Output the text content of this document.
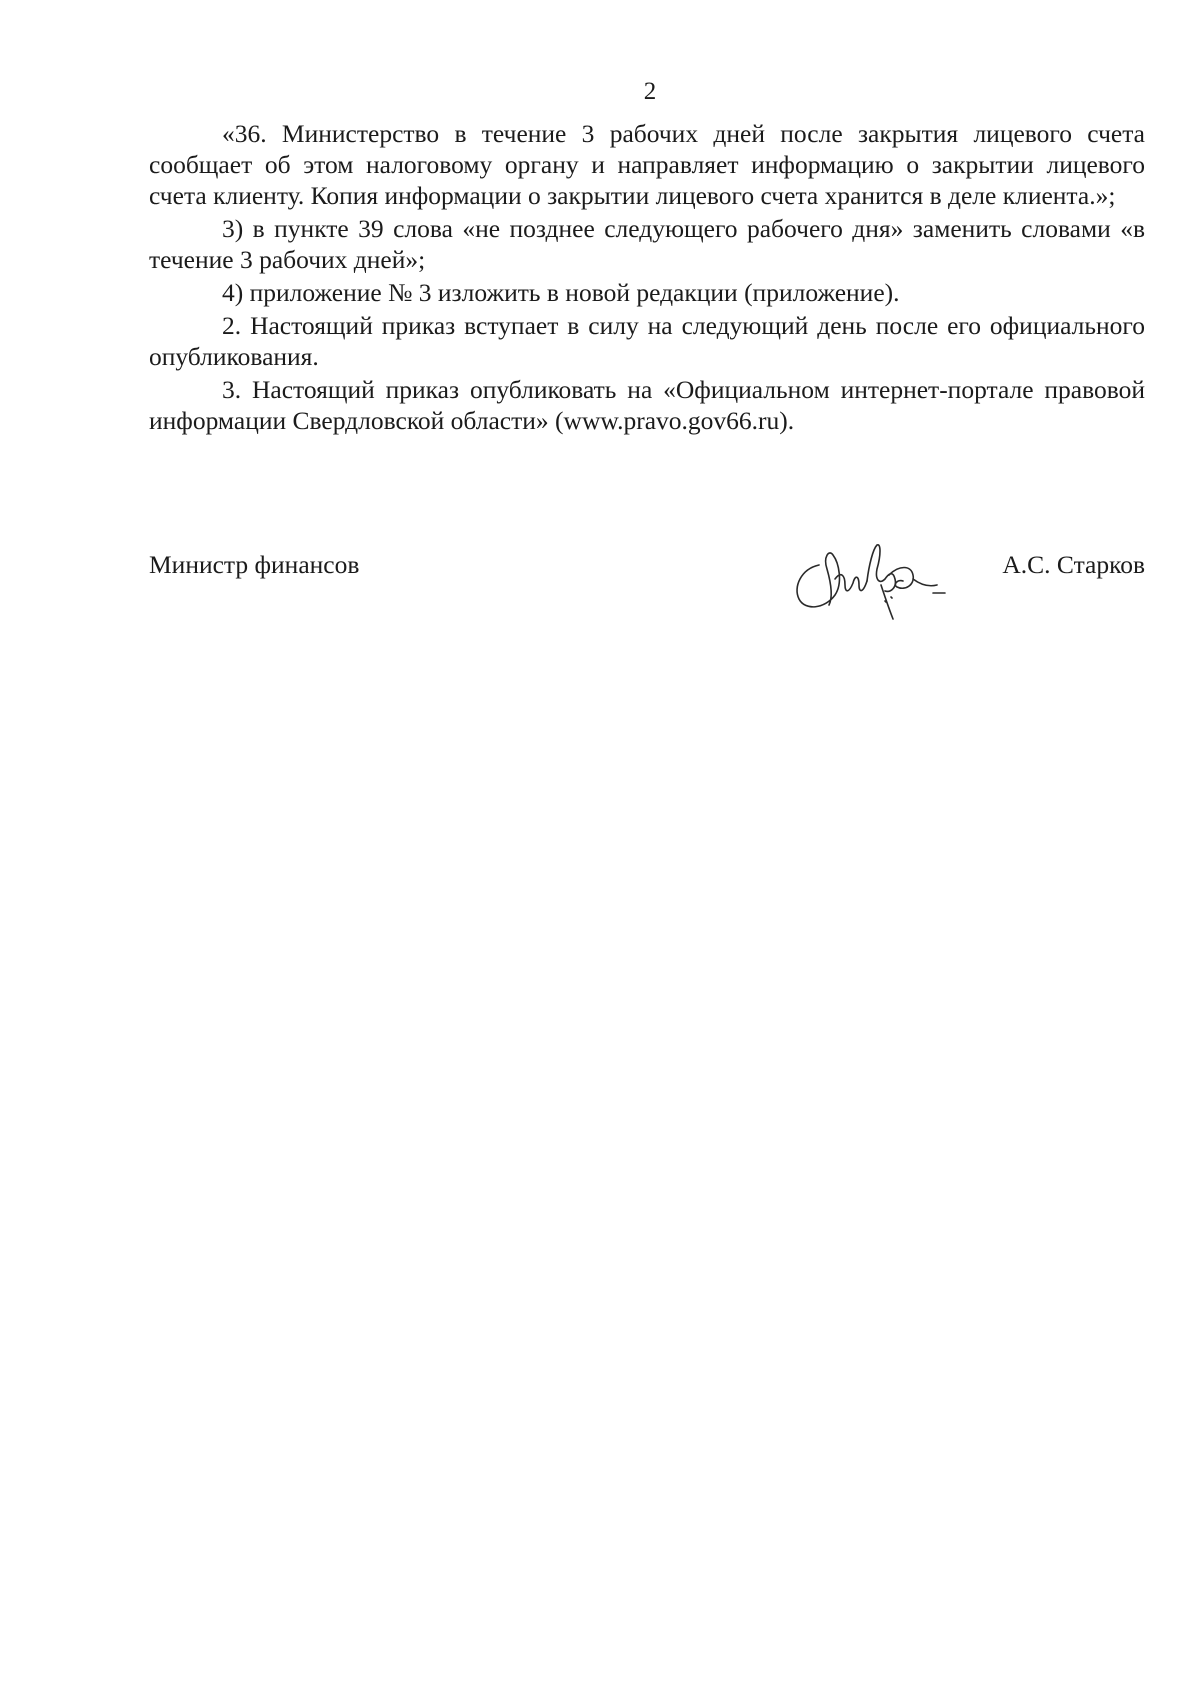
2

«36. Министерство в течение 3 рабочих дней после закрытия лицевого счета сообщает об этом налоговому органу и направляет информацию о закрытии лицевого счета клиенту. Копия информации о закрытии лицевого счета хранится в деле клиента.»;

3) в пункте 39 слова «не позднее следующего рабочего дня» заменить словами «в течение 3 рабочих дней»;

4) приложение № 3 изложить в новой редакции (приложение).

2. Настоящий приказ вступает в силу на следующий день после его официального опубликования.

3. Настоящий приказ опубликовать на «Официальном интернет-портале правовой информации Свердловской области» (www.pravo.gov66.ru).

Министр финансов	А.С. Старков
